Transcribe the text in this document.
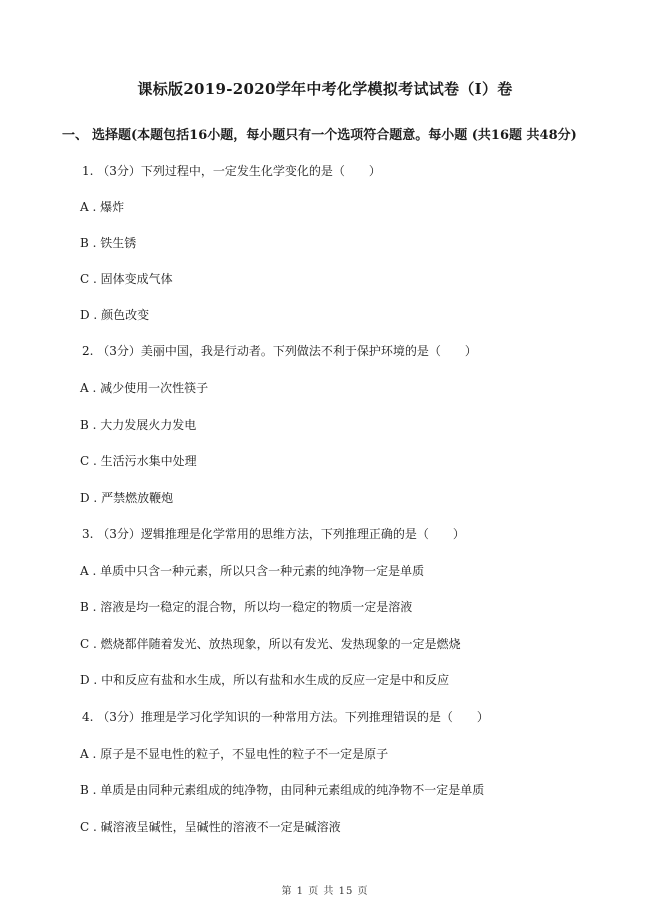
课标版2019-2020学年中考化学模拟考试试卷（I）卷
一、 选择题(本题包括16小题，每小题只有一个选项符合题意。每小题 (共16题 共48分)
1. （3分）下列过程中，一定发生化学变化的是（　　）
A . 爆炸
B . 铁生锈
C . 固体变成气体
D . 颜色改变
2. （3分）美丽中国，我是行动者。下列做法不利于保护环境的是（　　）
A . 减少使用一次性筷子
B . 大力发展火力发电
C . 生活污水集中处理
D . 严禁燃放鞭炮
3. （3分）逻辑推理是化学常用的思维方法，下列推理正确的是（　　）
A . 单质中只含一种元素，所以只含一种元素的纯净物一定是单质
B . 溶液是均一稳定的混合物，所以均一稳定的物质一定是溶液
C . 燃烧都伴随着发光、放热现象，所以有发光、发热现象的一定是燃烧
D . 中和反应有盐和水生成，所以有盐和水生成的反应一定是中和反应
4. （3分）推理是学习化学知识的一种常用方法。下列推理错误的是（　　）
A . 原子是不显电性的粒子，不显电性的粒子不一定是原子
B . 单质是由同种元素组成的纯净物，由同种元素组成的纯净物不一定是单质
C . 碱溶液呈碱性，呈碱性的溶液不一定是碱溶液
第 1 页 共 15 页
